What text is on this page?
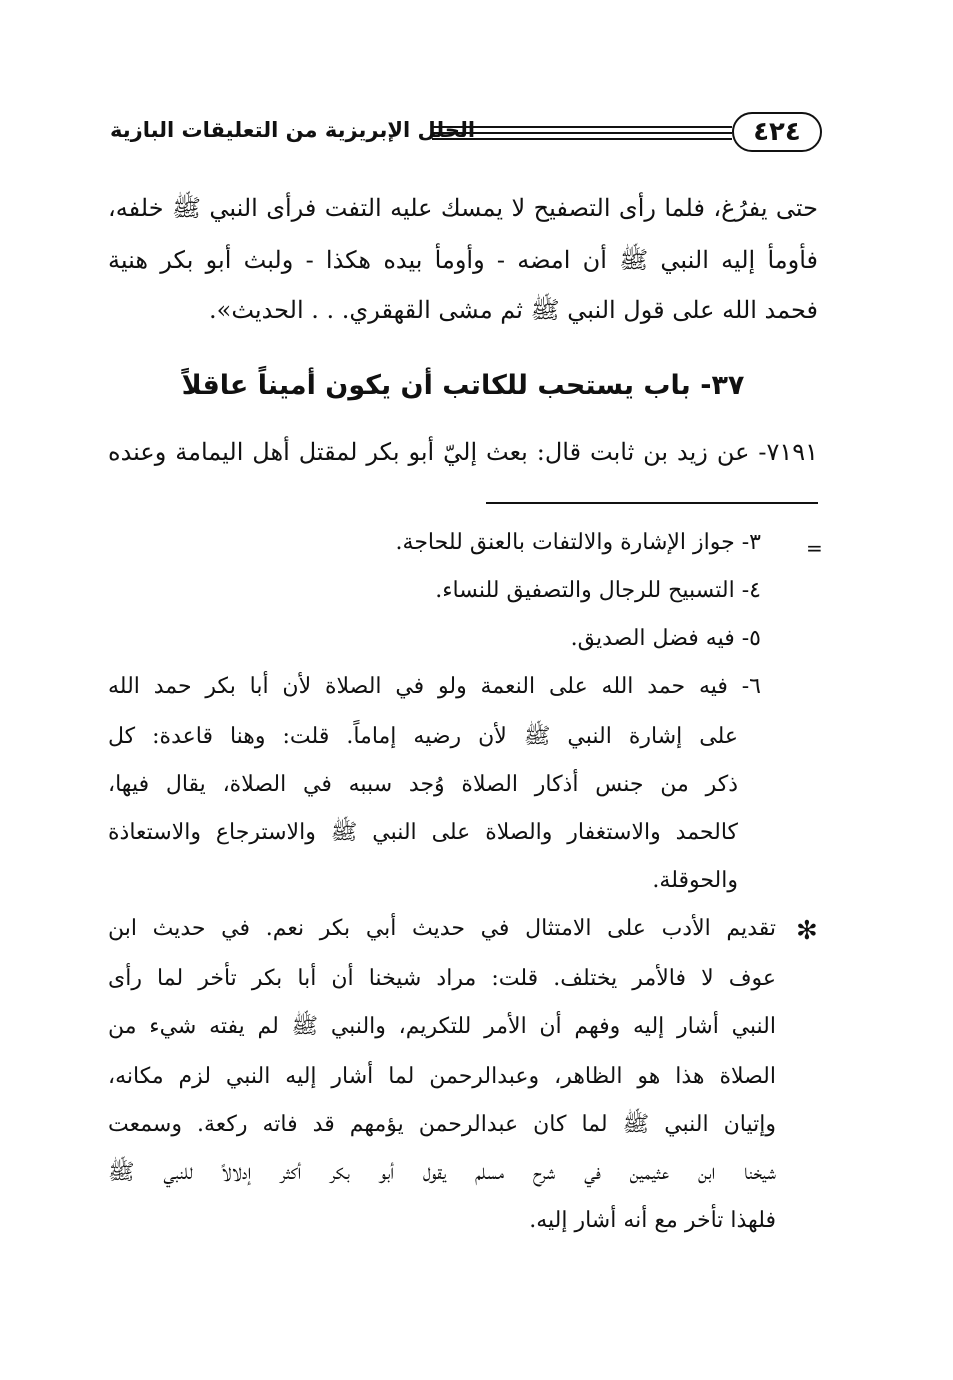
الحلل الإبريزية من التعليقات البازية	٤٢٤
حتى يفرُغ، فلما رأى التصفيح لا يمسك عليه التفت فرأى النبي ﷺ خلفه،
فأومأ إليه النبي ﷺ أن امضه - وأومأ بيده هكذا - ولبث أبو بكر هنية
فحمد الله على قول النبي ﷺ ثم مشى القهقري. . . الحديث».
٣٧- باب يستحب للكاتب أن يكون أميناً عاقلاً
٧١٩١- عن زيد بن ثابت قال: بعث إليّ أبو بكر لمقتل أهل اليمامة وعنده
=
٣- جواز الإشارة والالتفات بالعنق للحاجة.
٤- التسبيح للرجال والتصفيق للنساء.
٥- فيه فضل الصديق.
٦- فيه حمد الله على النعمة ولو في الصلاة لأن أبا بكر حمد الله
على إشارة النبي ﷺ لأن رضيه إماماً. قلت: وهنا قاعدة: كل
ذكر من جنس أذكار الصلاة وُجد سببه في الصلاة، يقال فيها،
كالحمد والاستغفار والصلاة على النبي ﷺ والاسترجاع والاستعاذة
والحوقلة.
✻
تقديم الأدب على الامتثال في حديث أبي بكر نعم. في حديث ابن
عوف لا فالأمر يختلف. قلت: مراد شيخنا أن أبا بكر تأخر لما رأى
النبي أشار إليه وفهم أن الأمر للتكريم، والنبي ﷺ لم يفته شيء من
الصلاة هذا هو الظاهر، وعبدالرحمن لما أشار إليه النبي لزم مكانه،
وإتيان النبي ﷺ لما كان عبدالرحمن يؤمهم قد فاته ركعة. وسمعت
شيخنا ابن عثيمين في شرح مسلم يقول أبو بكر أكثر إدلالاً للنبي ﷺ
فلهذا تأخر مع أنه أشار إليه.
